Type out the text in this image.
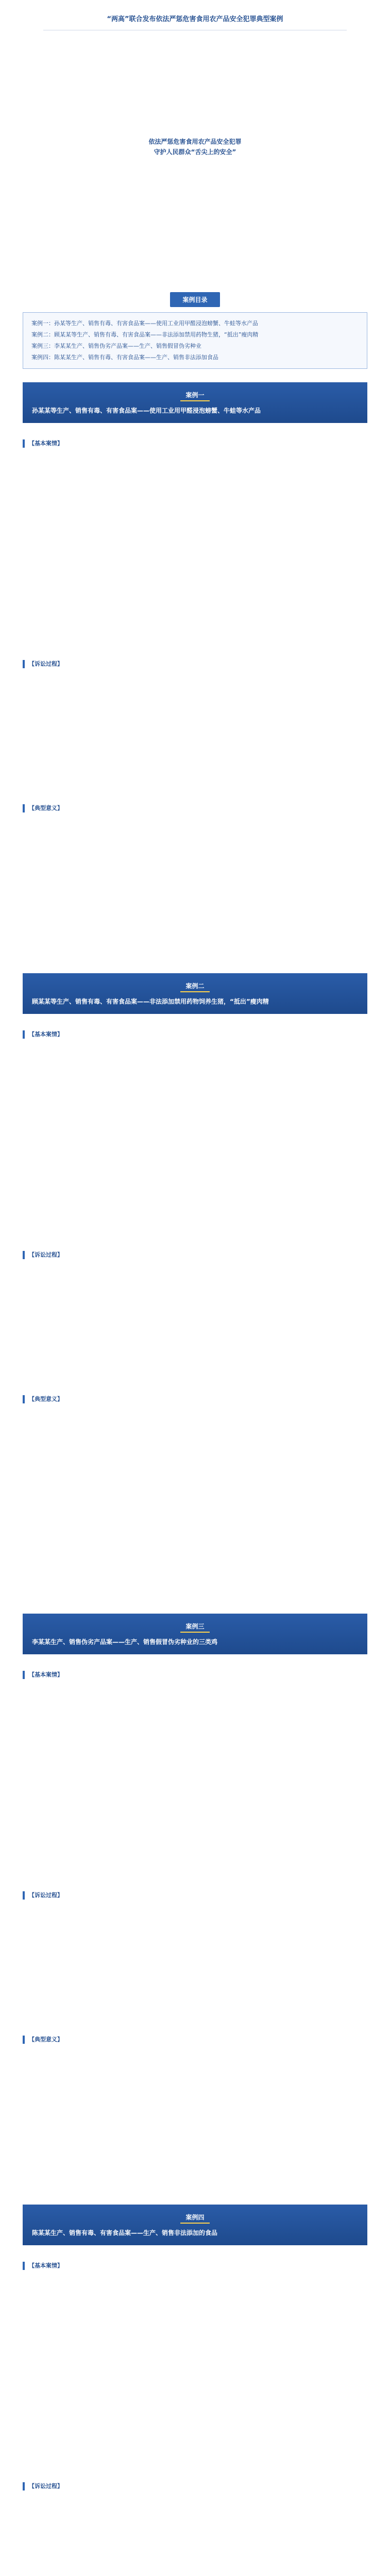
“两高”联合发布依法严惩危害食用农产品安全犯罪典型案例

依法严惩危害食用农产品安全犯罪
守护人民群众“舌尖上的安全”

案例目录
案例一：孙某等生产、销售有毒、有害食品案——使用工业用甲醛浸泡螃蟹、牛蛙等水产品
案例二：顾某某等生产、销售有毒、有害食品案——非法添加禁用药物生猪，“抵出”瘦肉精
案例三：李某某生产、销售伪劣产品案——生产、销售假冒伪劣种业
案例四：陈某某生产、销售有毒、有害食品案——生产、销售非法添加食品
案例一
孙某某等生产、销售有毒、有害食品案——使用工业用甲醛浸泡螃蟹、牛蛙等水产品
【基本案情】

【诉讼过程】

【典型意义】

案例二
顾某某等生产、销售有毒、有害食品案——非法添加禁用药物饲养生猪，“抵出”瘦肉精
【基本案情】

【诉讼过程】

【典型意义】

案例三
李某某生产、销售伪劣产品案——生产、销售假冒伪劣种业的三类鸡
【基本案情】

【诉讼过程】

【典型意义】

案例四
陈某某生产、销售有毒、有害食品案——生产、销售非法添加的食品
【基本案情】

【诉讼过程】
